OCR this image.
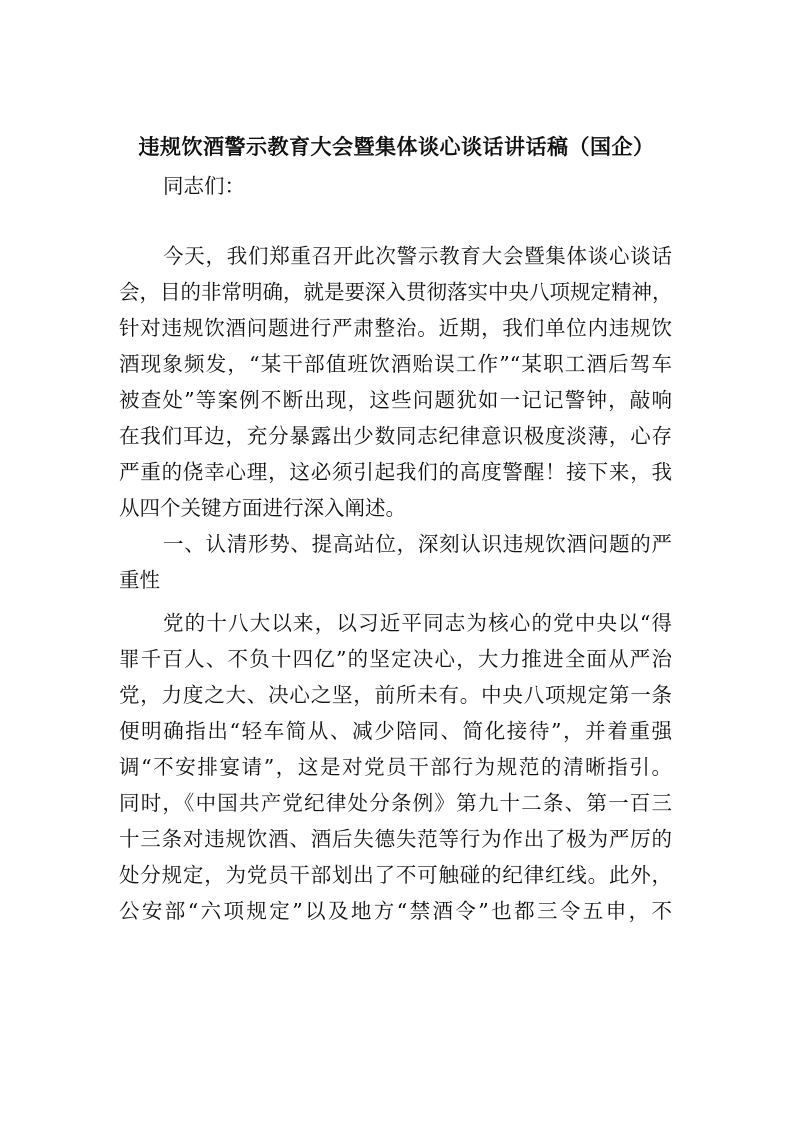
违规饮酒警示教育大会暨集体谈心谈话讲话稿（国企）
同志们：
今天，我们郑重召开此次警示教育大会暨集体谈心谈话
会，目的非常明确，就是要深入贯彻落实中央八项规定精神，
针对违规饮酒问题进行严肃整治。近期，我们单位内违规饮
酒现象频发，“某干部值班饮酒贻误工作”“某职工酒后驾车
被查处”等案例不断出现，这些问题犹如一记记警钟，敲响
在我们耳边，充分暴露出少数同志纪律意识极度淡薄，心存
严重的侥幸心理，这必须引起我们的高度警醒！接下来，我
从四个关键方面进行深入阐述。
一、认清形势、提高站位，深刻认识违规饮酒问题的严
重性
党的十八大以来，以习近平同志为核心的党中央以“得
罪千百人、不负十四亿”的坚定决心，大力推进全面从严治
党，力度之大、决心之坚，前所未有。中央八项规定第一条
便明确指出“轻车简从、减少陪同、简化接待”，并着重强
调“不安排宴请”，这是对党员干部行为规范的清晰指引。
同时，《中国共产党纪律处分条例》第九十二条、第一百三
十三条对违规饮酒、酒后失德失范等行为作出了极为严厉的
处分规定，为党员干部划出了不可触碰的纪律红线。此外，
公安部“六项规定”以及地方“禁酒令”也都三令五申，不
